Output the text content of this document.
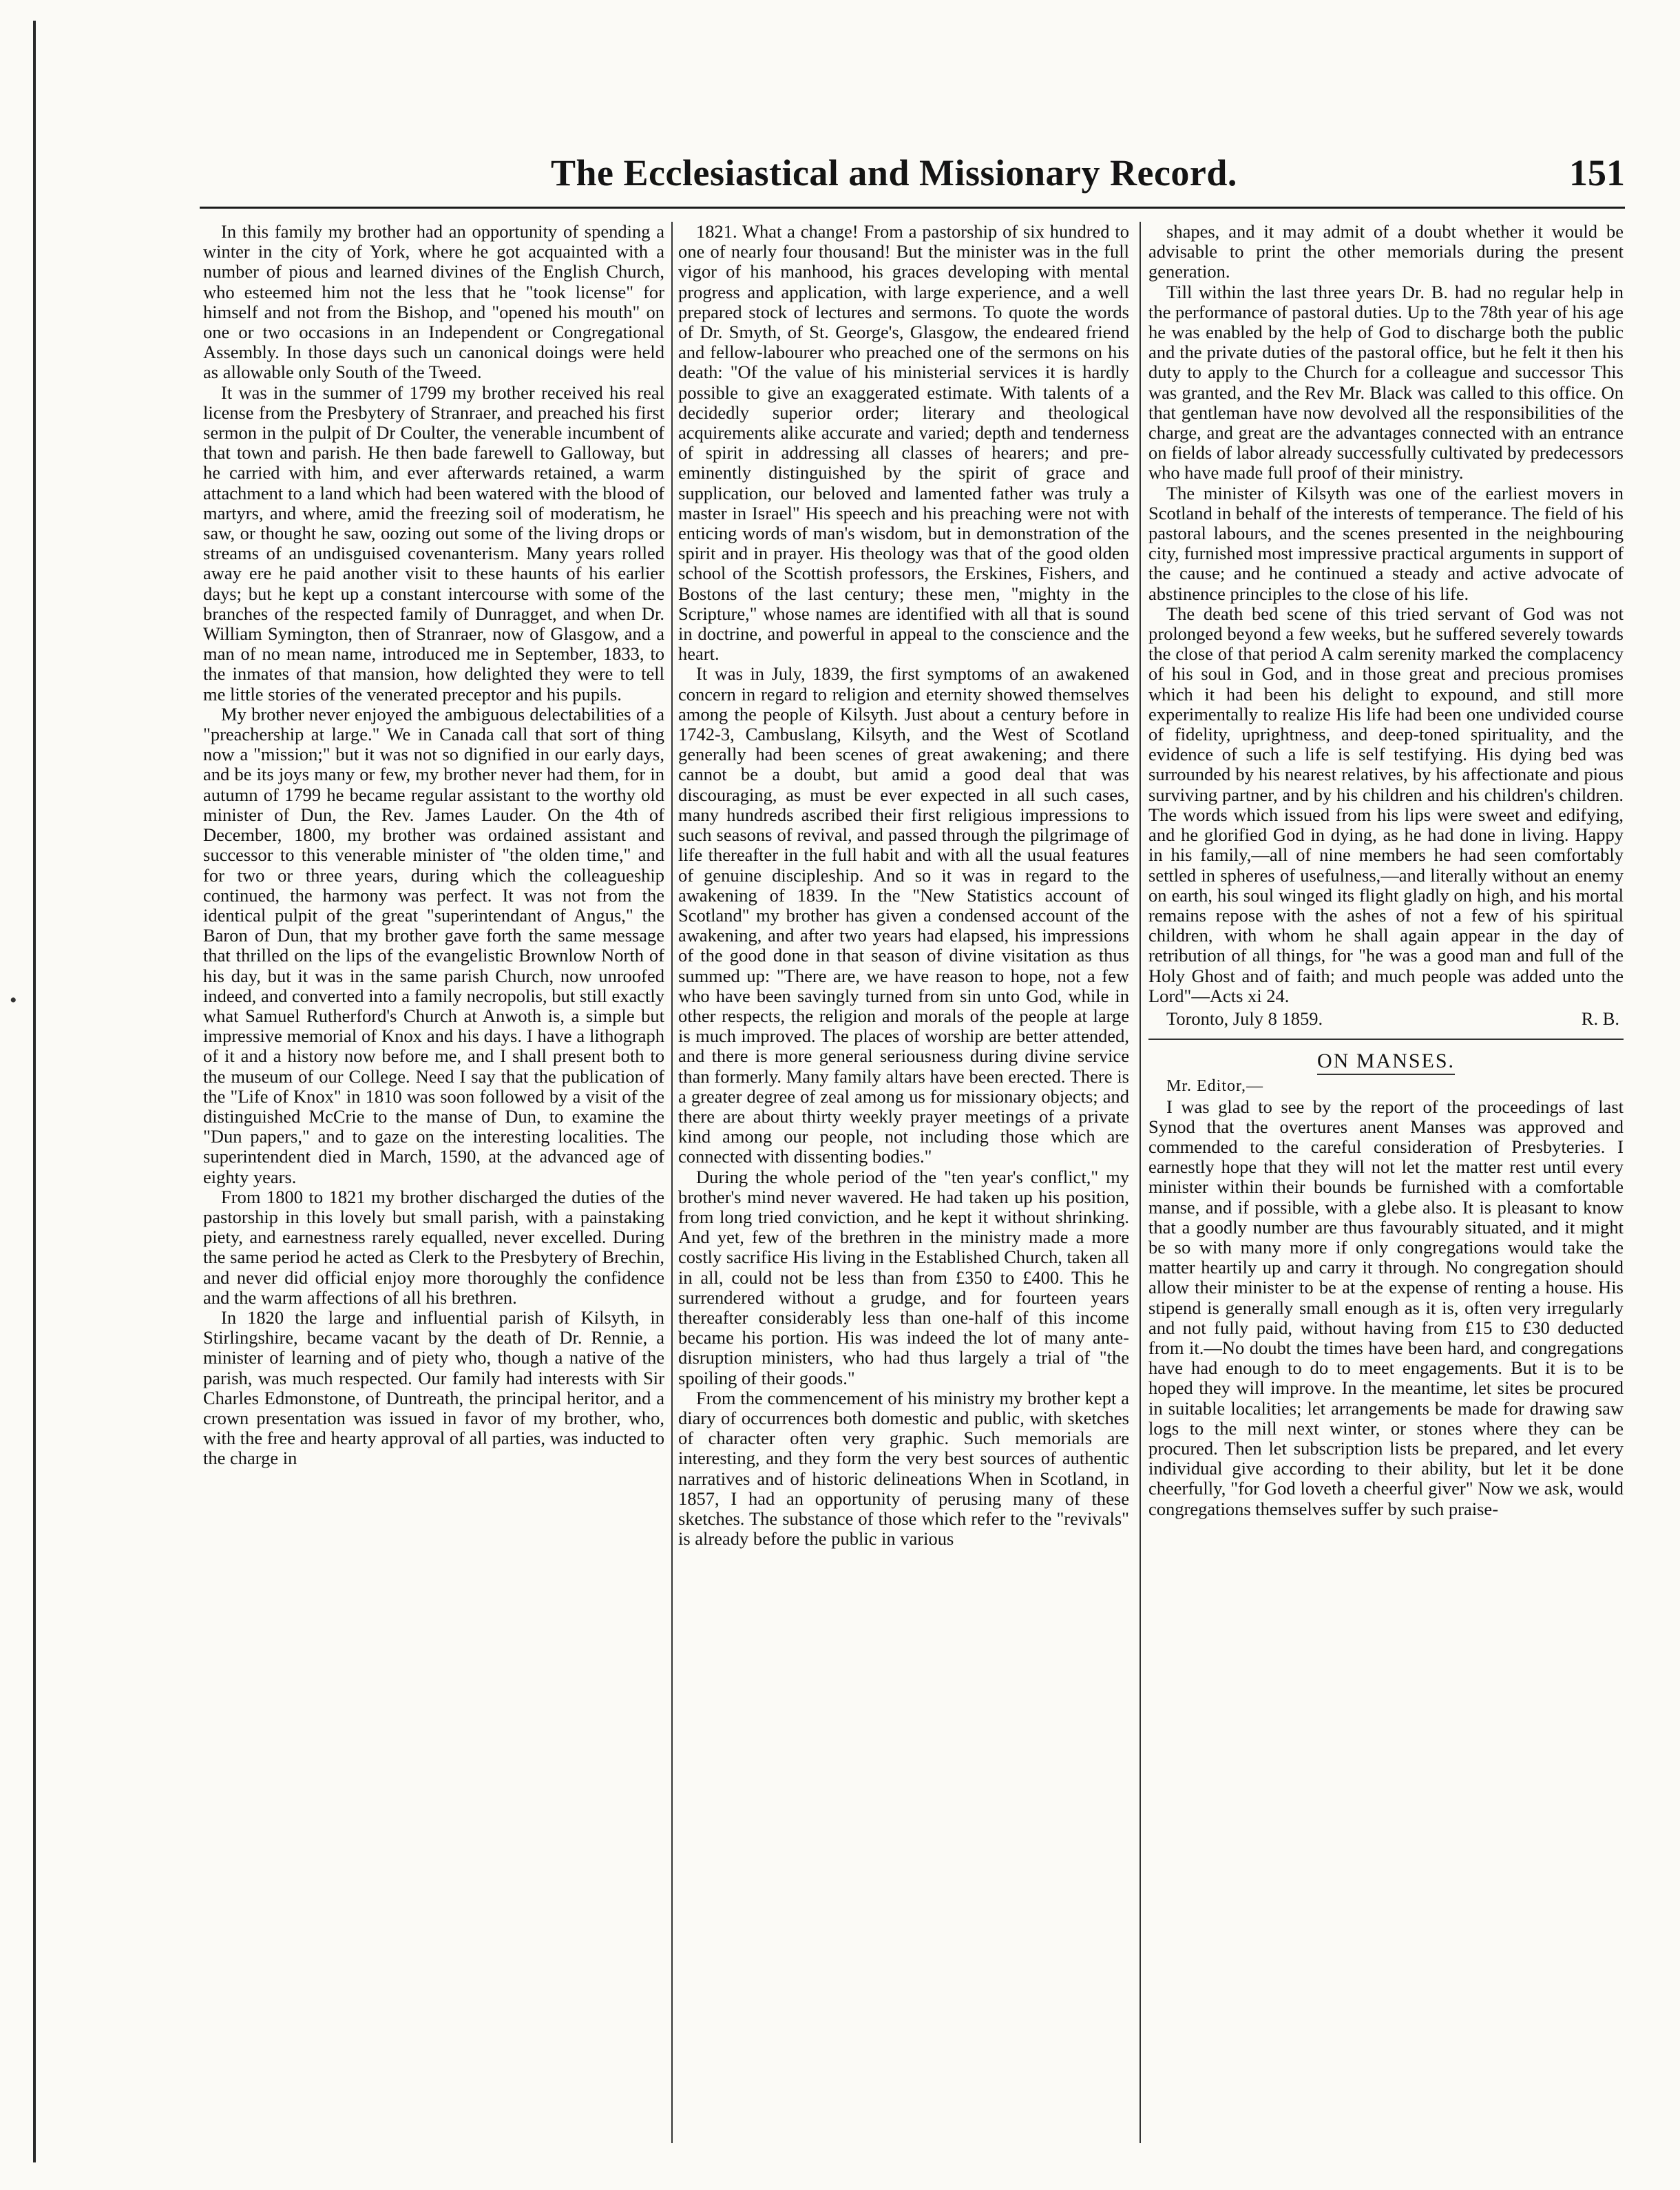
•
The Ecclesiastical and Missionary Record.	151

In this family my brother had an opportunity of spending a winter in the city of York, where he got acquainted with a number of pious and learned divines of the English Church, who esteemed him not the less that he "took license" for himself and not from the Bishop, and "opened his mouth" on one or two occasions in an Independent or Congregational Assembly. In those days such un canonical doings were held as allowable only South of the Tweed.

It was in the summer of 1799 my brother received his real license from the Presbytery of Stranraer, and preached his first sermon in the pulpit of Dr Coulter, the venerable incumbent of that town and parish. He then bade farewell to Galloway, but he carried with him, and ever afterwards retained, a warm attachment to a land which had been watered with the blood of martyrs, and where, amid the freezing soil of moderatism, he saw, or thought he saw, oozing out some of the living drops or streams of an undisguised covenanterism. Many years rolled away ere he paid another visit to these haunts of his earlier days; but he kept up a constant intercourse with some of the branches of the respected family of Dunragget, and when Dr. William Symington, then of Stranraer, now of Glasgow, and a man of no mean name, introduced me in September, 1833, to the inmates of that mansion, how delighted they were to tell me little stories of the venerated preceptor and his pupils.

My brother never enjoyed the ambiguous delectabilities of a "preachership at large." We in Canada call that sort of thing now a "mission;" but it was not so dignified in our early days, and be its joys many or few, my brother never had them, for in autumn of 1799 he became regular assistant to the worthy old minister of Dun, the Rev. James Lauder. On the 4th of December, 1800, my brother was ordained assistant and successor to this venerable minister of "the olden time," and for two or three years, during which the colleagueship continued, the harmony was perfect. It was not from the identical pulpit of the great "superintendant of Angus," the Baron of Dun, that my brother gave forth the same message that thrilled on the lips of the evangelistic Brownlow North of his day, but it was in the same parish Church, now unroofed indeed, and converted into a family necropolis, but still exactly what Samuel Rutherford's Church at Anwoth is, a simple but impressive memorial of Knox and his days. I have a lithograph of it and a history now before me, and I shall present both to the museum of our College. Need I say that the publication of the "Life of Knox" in 1810 was soon followed by a visit of the distinguished McCrie to the manse of Dun, to examine the "Dun papers," and to gaze on the interesting localities. The superintendent died in March, 1590, at the advanced age of eighty years.

From 1800 to 1821 my brother discharged the duties of the pastorship in this lovely but small parish, with a painstaking piety, and earnestness rarely equalled, never excelled. During the same period he acted as Clerk to the Presbytery of Brechin, and never did official enjoy more thoroughly the confidence and the warm affections of all his brethren.

In 1820 the large and influential parish of Kilsyth, in Stirlingshire, became vacant by the death of Dr. Rennie, a minister of learning and of piety who, though a native of the parish, was much respected. Our family had interests with Sir Charles Edmonstone, of Duntreath, the principal heritor, and a crown presentation was issued in favor of my brother, who, with the free and hearty approval of all parties, was inducted to the charge in

1821. What a change! From a pastorship of six hundred to one of nearly four thousand! But the minister was in the full vigor of his manhood, his graces developing with mental progress and application, with large experience, and a well prepared stock of lectures and sermons. To quote the words of Dr. Smyth, of St. George's, Glasgow, the endeared friend and fellow-labourer who preached one of the sermons on his death: "Of the value of his ministerial services it is hardly possible to give an exaggerated estimate. With talents of a decidedly superior order; literary and theological acquirements alike accurate and varied; depth and tenderness of spirit in addressing all classes of hearers; and pre-eminently distinguished by the spirit of grace and supplication, our beloved and lamented father was truly a master in Israel" His speech and his preaching were not with enticing words of man's wisdom, but in demonstration of the spirit and in prayer. His theology was that of the good olden school of the Scottish professors, the Erskines, Fishers, and Bostons of the last century; these men, "mighty in the Scripture," whose names are identified with all that is sound in doctrine, and powerful in appeal to the conscience and the heart.

It was in July, 1839, the first symptoms of an awakened concern in regard to religion and eternity showed themselves among the people of Kilsyth. Just about a century before in 1742-3, Cambuslang, Kilsyth, and the West of Scotland generally had been scenes of great awakening; and there cannot be a doubt, but amid a good deal that was discouraging, as must be ever expected in all such cases, many hundreds ascribed their first religious impressions to such seasons of revival, and passed through the pilgrimage of life thereafter in the full habit and with all the usual features of genuine discipleship. And so it was in regard to the awakening of 1839. In the "New Statistics account of Scotland" my brother has given a condensed account of the awakening, and after two years had elapsed, his impressions of the good done in that season of divine visitation as thus summed up: "There are, we have reason to hope, not a few who have been savingly turned from sin unto God, while in other respects, the religion and morals of the people at large is much improved. The places of worship are better attended, and there is more general seriousness during divine service than formerly. Many family altars have been erected. There is a greater degree of zeal among us for missionary objects; and there are about thirty weekly prayer meetings of a private kind among our people, not including those which are connected with dissenting bodies."

During the whole period of the "ten year's conflict," my brother's mind never wavered. He had taken up his position, from long tried conviction, and he kept it without shrinking. And yet, few of the brethren in the ministry made a more costly sacrifice His living in the Established Church, taken all in all, could not be less than from £350 to £400. This he surrendered without a grudge, and for fourteen years thereafter considerably less than one-half of this income became his portion. His was indeed the lot of many ante-disruption ministers, who had thus largely a trial of "the spoiling of their goods."

From the commencement of his ministry my brother kept a diary of occurrences both domestic and public, with sketches of character often very graphic. Such memorials are interesting, and they form the very best sources of authentic narratives and of historic delineations When in Scotland, in 1857, I had an opportunity of perusing many of these sketches. The substance of those which refer to the "revivals" is already before the public in various

shapes, and it may admit of a doubt whether it would be advisable to print the other memorials during the present generation.

Till within the last three years Dr. B. had no regular help in the performance of pastoral duties. Up to the 78th year of his age he was enabled by the help of God to discharge both the public and the private duties of the pastoral office, but he felt it then his duty to apply to the Church for a colleague and successor This was granted, and the Rev Mr. Black was called to this office. On that gentleman have now devolved all the responsibilities of the charge, and great are the advantages connected with an entrance on fields of labor already successfully cultivated by predecessors who have made full proof of their ministry.

The minister of Kilsyth was one of the earliest movers in Scotland in behalf of the interests of temperance. The field of his pastoral labours, and the scenes presented in the neighbouring city, furnished most impressive practical arguments in support of the cause; and he continued a steady and active advocate of abstinence principles to the close of his life.

The death bed scene of this tried servant of God was not prolonged beyond a few weeks, but he suffered severely towards the close of that period A calm serenity marked the complacency of his soul in God, and in those great and precious promises which it had been his delight to expound, and still more experimentally to realize His life had been one undivided course of fidelity, uprightness, and deep-toned spirituality, and the evidence of such a life is self testifying. His dying bed was surrounded by his nearest relatives, by his affectionate and pious surviving partner, and by his children and his children's children. The words which issued from his lips were sweet and edifying, and he glorified God in dying, as he had done in living. Happy in his family,—all of nine members he had seen comfortably settled in spheres of usefulness,—and literally without an enemy on earth, his soul winged its flight gladly on high, and his mortal remains repose with the ashes of not a few of his spiritual children, with whom he shall again appear in the day of retribution of all things, for "he was a good man and full of the Holy Ghost and of faith; and much people was added unto the Lord"—Acts xi 24.

Toronto, July 8 1859.	R. B.
ON MANSES.

Mr. Editor,—

I was glad to see by the report of the proceedings of last Synod that the overtures anent Manses was approved and commended to the careful consideration of Presbyteries. I earnestly hope that they will not let the matter rest until every minister within their bounds be furnished with a comfortable manse, and if possible, with a glebe also. It is pleasant to know that a goodly number are thus favourably situated, and it might be so with many more if only congregations would take the matter heartily up and carry it through. No congregation should allow their minister to be at the expense of renting a house. His stipend is generally small enough as it is, often very irregularly and not fully paid, without having from £15 to £30 deducted from it.—No doubt the times have been hard, and congregations have had enough to do to meet engagements. But it is to be hoped they will improve. In the meantime, let sites be procured in suitable localities; let arrangements be made for drawing saw logs to the mill next winter, or stones where they can be procured. Then let subscription lists be prepared, and let every individual give according to their ability, but let it be done cheerfully, "for God loveth a cheerful giver" Now we ask, would congregations themselves suffer by such praise-
